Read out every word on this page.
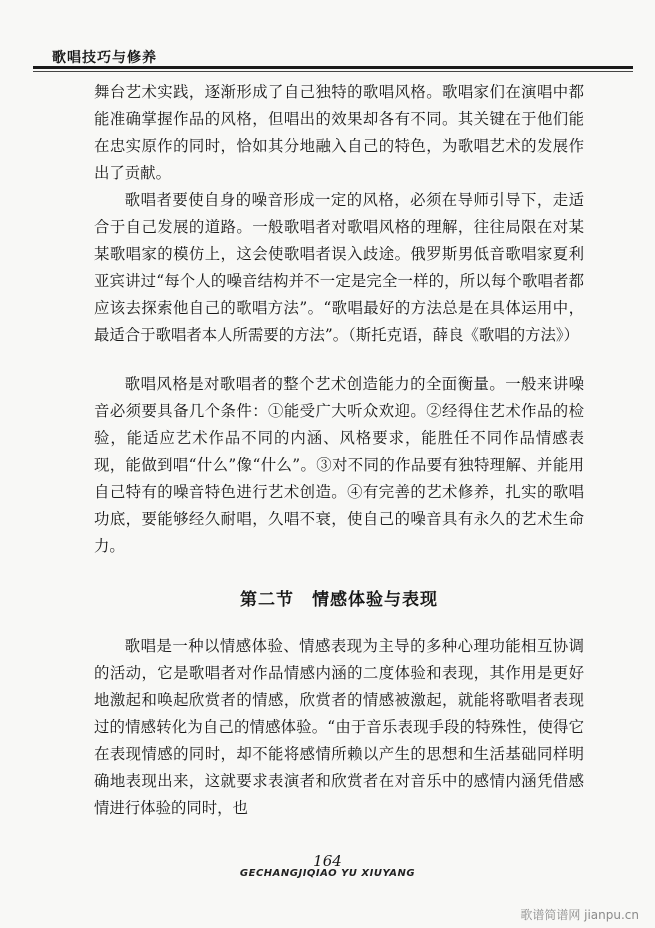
歌唱技巧与修养

舞台艺术实践，逐渐形成了自己独特的歌唱风格。歌唱家们在演唱中都能准确掌握作品的风格，但唱出的效果却各有不同。其关键在于他们能在忠实原作的同时，恰如其分地融入自己的特色，为歌唱艺术的发展作出了贡献。

歌唱者要使自身的噪音形成一定的风格，必须在导师引导下，走适合于自己发展的道路。一般歌唱者对歌唱风格的理解，往往局限在对某某歌唱家的模仿上，这会使歌唱者误入歧途。俄罗斯男低音歌唱家夏利亚宾讲过“每个人的噪音结构并不一定是完全一样的，所以每个歌唱者都应该去探索他自己的歌唱方法”。“歌唱最好的方法总是在具体运用中，最适合于歌唱者本人所需要的方法”。（斯托克语，薛良《歌唱的方法》）

歌唱风格是对歌唱者的整个艺术创造能力的全面衡量。一般来讲噪音必须要具备几个条件：①能受广大听众欢迎。②经得住艺术作品的检验，能适应艺术作品不同的内涵、风格要求，能胜任不同作品情感表现，能做到唱“什么”像“什么”。③对不同的作品要有独特理解、并能用自己特有的噪音特色进行艺术创造。④有完善的艺术修养，扎实的歌唱功底，要能够经久耐唱，久唱不衰，使自己的噪音具有永久的艺术生命力。

第二节　情感体验与表现

歌唱是一种以情感体验、情感表现为主导的多种心理功能相互协调的活动，它是歌唱者对作品情感内涵的二度体验和表现，其作用是更好地激起和唤起欣赏者的情感，欣赏者的情感被激起，就能将歌唱者表现过的情感转化为自己的情感体验。“由于音乐表现手段的特殊性，使得它在表现情感的同时，却不能将感情所赖以产生的思想和生活基础同样明确地表现出来，这就要求表演者和欣赏者在对音乐中的感情内涵凭借感情进行体验的同时，也

164
GECHANGJIQIAO YU XIUYANG
歌谱简谱网 jianpu.cn
